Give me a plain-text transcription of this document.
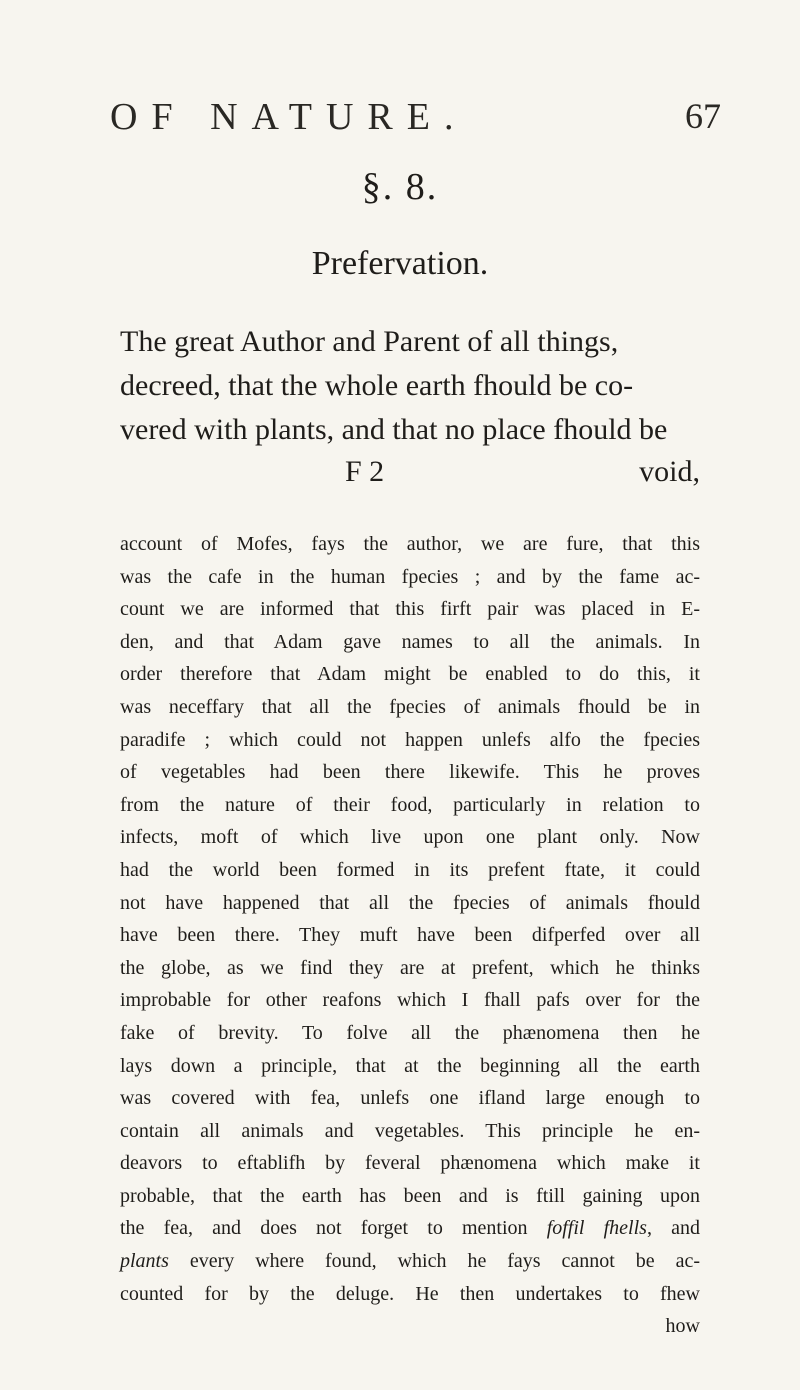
OF NATURE.	67
§. 8.
Prefervation.
The great Author and Parent of all things,
decreed, that the whole earth fhould be co-
vered with plants, and that no place fhould be
F 2	void,
account of Mofes, fays the author, we are fure, that this
was the cafe in the human fpecies ; and by the fame ac-
count we are informed that this firft pair was placed in E-
den, and that Adam gave names to all the animals. In
order therefore that Adam might be enabled to do this, it
was neceffary that all the fpecies of animals fhould be in
paradife ; which could not happen unlefs alfo the fpecies
of vegetables had been there likewife. This he proves
from the nature of their food, particularly in relation to
infects, moft of which live upon one plant only. Now
had the world been formed in its prefent ftate, it could
not have happened that all the fpecies of animals fhould
have been there. They muft have been difperfed over all
the globe, as we find they are at prefent, which he thinks
improbable for other reafons which I fhall pafs over for the
fake of brevity. To folve all the phænomena then he
lays down a principle, that at the beginning all the earth
was covered with fea, unlefs one ifland large enough to
contain all animals and vegetables. This principle he en-
deavors to eftablifh by feveral phænomena which make it
probable, that the earth has been and is ftill gaining upon
the fea, and does not forget to mention foffil fhells, and
plants every where found, which he fays cannot be ac-
counted for by the deluge. He then undertakes to fhew
how
